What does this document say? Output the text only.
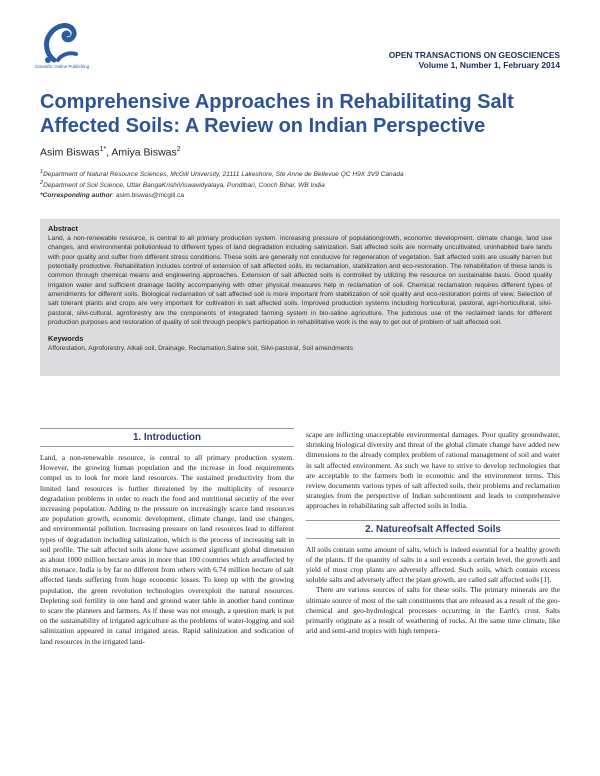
Scientific Online Publishing
OPEN TRANSACTIONS ON GEOSCIENCES
Volume 1, Number 1, February 2014
Comprehensive Approaches in Rehabilitating Salt Affected Soils: A Review on Indian Perspective
Asim Biswas$^{1*}$, Amiya Biswas$^2$
$^1$Department of Natural Resource Sciences, McGill University, 21111 Lakeshore, Ste Anne de Bellevue QC H9X 3V9 Canada
$^2$Department of Soil Science, Uttar BangaKrishiViswavidyalaya, Pundibari, Cooch Bihar, WB India
*Corresponding author: asim.biswas@mcgill.ca
Abstract
Land, a non-renewable resource, is central to all primary production system. Increasing pressure of populationgrowth, economic development, climate change, land use changes, and environmental pollutionlead to different types of land degradation including salinization. Salt affected soils are normally uncultivated, uninhabited bare lands with poor quality and suffer from different stress conditions. These soils are generally not conducive for regeneration of vegetation. Salt affected soils are usually barren but potentially productive. Rehabilitation includes control of extension of salt affected soils, its reclamation, stabilization and eco-restoration. The rehabilitation of these lands is common through chemical means and engineering approaches. Extension of salt affected soils is controlled by utilizing the resource on sustainable basis. Good quality irrigation water and sufficient drainage facility accompanying with other physical measures help in reclamation of soil. Chemical reclamation requires different types of amendments for different soils. Biological reclamation of salt affected soil is more important from stabilization of soil quality and eco-restoration points of view. Selection of salt tolerant plants and crops are very important for cultivation in salt affected soils. Improved production systems including horticultural, pastoral, agri-horticultural, silvi-pastoral, silvi-cultural, agroforestry are the components of integrated farming system in bio-saline agriculture. The judicious use of the reclaimed lands for different production purposes and restoration of quality of soil through people's participation in rehabilitative work is the way to get out of problem of salt affected soil.
Keywords
Afforestation, Agroforestry, Alkali soil, Drainage, Reclamation,Saline soil, Silvi-pastoral, Soil amendments
1. Introduction

Land, a non-renewable resource, is central to all primary production system. However, the growing human population and the increase in food requirements compel us to look for more land resources. The sustained productivity from the limited land resources is further threatened by the multiplicity of resource degradation problems in order to reach the food and nutritional security of the ever increasing population. Adding to the pressure on increasingly scarce land resources are population growth, economic development, climate change, land use changes, and environmental pollution. Increasing pressure on land resources lead to different types of degradation including salinization, which is the process of increasing salt in soil profile. The salt affected soils alone have assumed significant global dimension as about 1000 million hectare areas in more than 100 countries which areaffected by this menace. India is by far no different from others with 6.74 million hectare of salt affected lands suffering from huge economic losses. To keep up with the growing population, the green revolution technologies overexploit the natural resources. Depleting soil fertility in one hand and ground water table in another hand continue to scare the planners and farmers. As if these was not enough, a question mark is put on the sustainability of irrigated agriculture as the problems of water-logging and soil salinization appeared in canal irrigated areas. Rapid salinization and sodication of land resources in the irrigated land-

scape are inflicting unacceptable environmental damages. Poor quality groundwater, shrinking biological diversity and threat of the global climate change have added new dimensions to the already complex problem of rational management of soil and water in salt affected environment. As such we have to strive to develop technologies that are acceptable to the farmers both in economic and the environment terms. This review documents various types of salt affected soils, their problems and reclamation strategies from the perspective of Indian subcontinent and leads to comprehensive approaches in rehabilitating salt affected soils in India.

2. Natureofsalt Affected Soils

All soils contain some amount of salts, which is indeed essential for a healthy growth of the plants. If the quantity of salts in a soil exceeds a certain level, the growth and yield of most crop plants are adversely affected. Such soils, which contain excess soluble salts and adversely affect the plant growth, are called salt affected soils [1].

There are various sources of salts for these soils. The primary minerals are the ultimate source of most of the salt constituents that are released as a result of the geo-chemical and geo-hydrological processes occurring in the Earth's crust. Salts primarily originate as a result of weathering of rocks. At the same time climate, like arid and semi-arid tropics with high tempera-
